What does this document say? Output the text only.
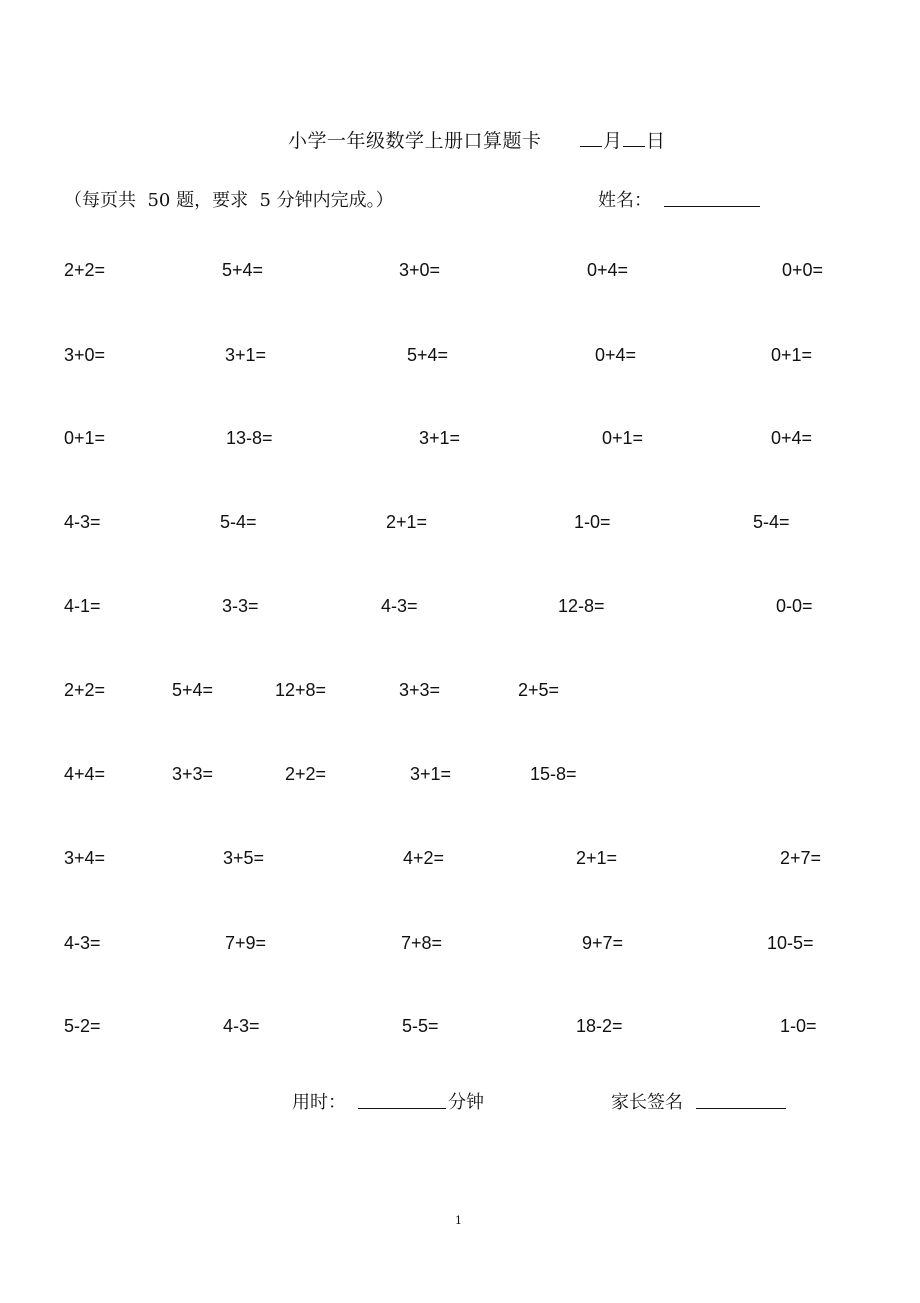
小学一年级数学上册口算题卡	月 日
（每页共  50 题，要求  5 分钟内完成。）	姓名：
2+2=	5+4=	3+0=	0+4=	0+0=
3+0=	3+1=	5+4=	0+4=	0+1=
0+1=	13-8=	3+1=	0+1=	0+4=
4-3=	5-4=	2+1=	1-0=	5-4=
4-1=	3-3=	4-3=	12-8=	0-0=
2+2=	5+4=	12+8=	3+3=	2+5=
4+4=	3+3=	2+2=	3+1=	15-8=
3+4=	3+5=	4+2=	2+1=	2+7=
4-3=	7+9=	7+8=	9+7=	10-5=
5-2=	4-3=	5-5=	18-2=	1-0=
用时：	分钟	家长签名
1
